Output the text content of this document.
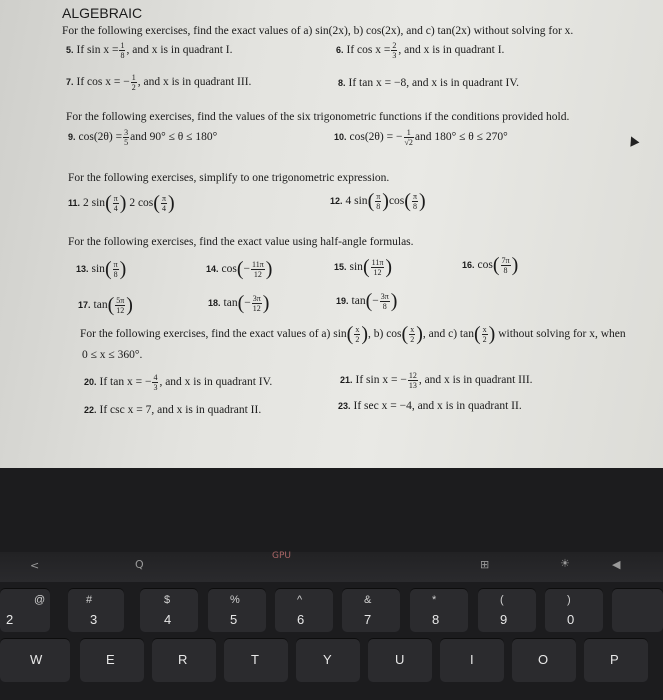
ALGEBRAIC
For the following exercises, find the exact values of a) sin(2x), b) cos(2x), and c) tan(2x) without solving for x.
5. If $\sin x = \frac{1}{8}$ , and x is in quadrant I.	6. If $\cos x = \frac{2}{3}$ , and x is in quadrant I.
7. If cos x = − $\frac{1}{2}$ , and x is in quadrant III.	8. If tan x = −8, and x is in quadrant IV.
For the following exercises, find the values of the six trigonometric functions if the conditions provided hold.
9. $\cos(2\theta) = \frac{3}{5}$ and 90° ≤ θ ≤ 180°	10. cos(2θ) = − $\frac{1}{√2}$ and 180° ≤ θ ≤ 270°
For the following exercises, simplify to one trigonometric expression.
11. 2 $\sin( \frac{\pi}{4}$ ) 2 $\cos( \frac{\pi}{4}$ )	12. 4 $\sin( \frac{\pi}{8} )\cos( \frac{\pi}{8}$ )
For the following exercises, find the exact value using half-angle formulas.
13. $\sin( \frac{\pi}{8}$ )	14. $\cos(- \frac{11\pi}{12}$ )	15. $\sin( \frac{11\pi}{12}$ )	16. $\cos( \frac{7\pi}{8}$ )
17. $\tan( \frac{5\pi}{12}$ )	18. $\tan(- \frac{3\pi}{12}$ )	19. $\tan(- \frac{3\pi}{8}$ )
For the following exercises, find the exact values of a) $\sin( \frac{x}{2}$ ), b) $\cos( \frac{x}{2}$ ), and c) $\tan( \frac{x}{2}$ ) without solving for x, when
0 ≤ x ≤ 360°.
20. If tan x = − $\frac{4}{3}$ , and x is in quadrant IV.	21. If sin x = − $\frac{12}{13}$ , and x is in quadrant III.
22. If csc x = 7, and x is in quadrant II.	23. If sec x = −4, and x is in quadrant II.
<	Q
GPU
⊞	☀	◀
@
2
#
3
$
4
%
5
^
6
&
7
*
8
(
9
)
0
W	E	R	T	Y	U	I	O	P
